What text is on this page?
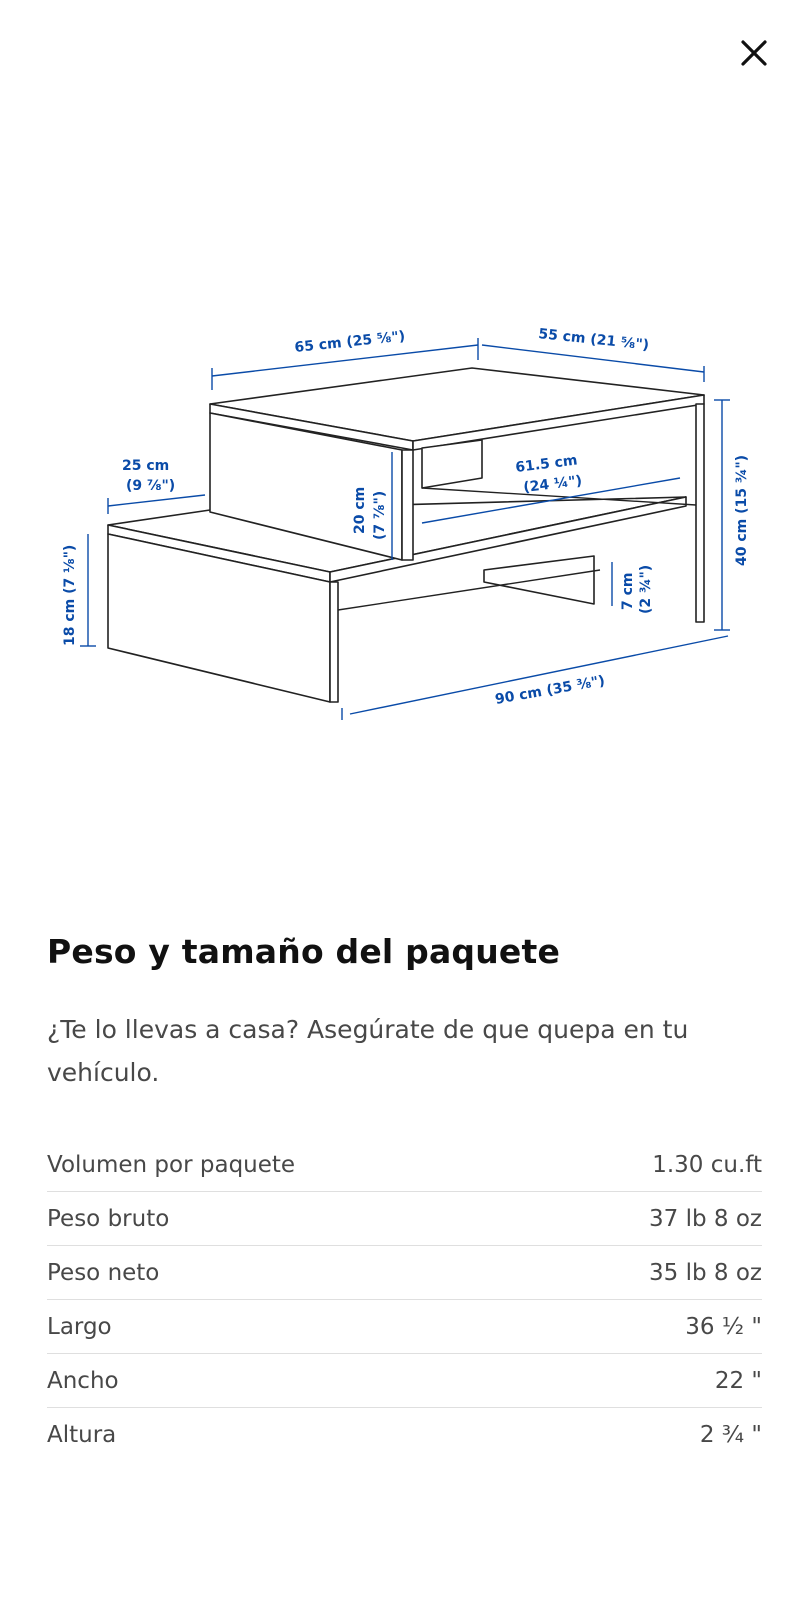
65 cm (25 ⅝")	55 cm (21 ⅝")
25 cm
(9 ⅞")
61.5 cm
(24 ¼")
20 cm (7 ⅞")	40 cm (15 ¾")
18 cm (7 ⅛")	7 cm (2 ¾")
90 cm (35 ⅜")
Peso y tamaño del paquete

¿Te lo llevas a casa? Asegúrate de que quepa en tu vehículo.

Volumen por paquete	1.30 cu.ft
Peso bruto	37 lb 8 oz
Peso neto	35 lb 8 oz
Largo	36 ½ "
Ancho	22 "
Altura	2 ¾ "
